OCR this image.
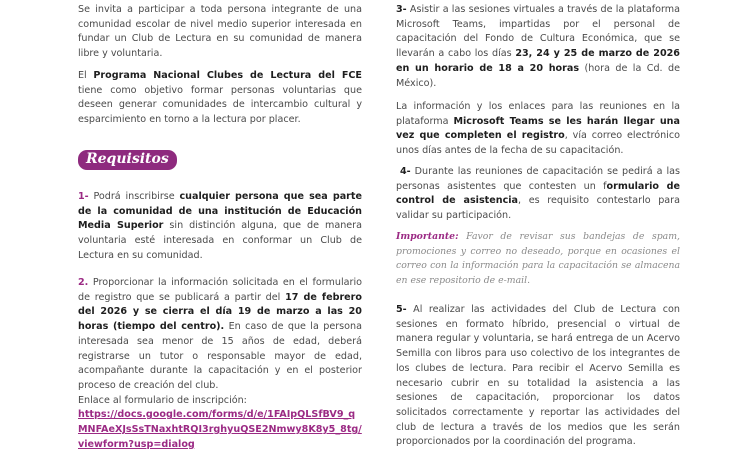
Se invita a participar a toda persona integrante de una comunidad escolar de nivel medio superior interesada en fundar un Club de Lectura en su comunidad de manera libre y voluntaria.

El Programa Nacional Clubes de Lectura del FCE tiene como objetivo formar personas voluntarias que deseen generar comunidades de intercambio cultural y esparcimiento en torno a la lectura por placer.

Requisitos

1- Podrá inscribirse cualquier persona que sea parte de la comunidad de una institución de Educación Media Superior sin distinción alguna, que de manera voluntaria esté interesada en conformar un Club de Lectura en su comunidad.

2. Proporcionar la información solicitada en el formulario de registro que se publicará a partir del 17 de febrero del 2026 y se cierra el día 19 de marzo a las 20 horas (tiempo del centro). En caso de que la persona interesada sea menor de 15 años de edad, deberá registrarse un tutor o responsable mayor de edad, acompañante durante la capacitación y en el posterior proceso de creación del club.
Enlace al formulario de inscripción:
https://docs.google.com/forms/d/e/1FAIpQLSfBV9_qMNFAeXJsSsTNaxhtRQI3rghyuQSE2Nmwy8K8y5_8tg/viewform?usp=dialog

3- Asistir a las sesiones virtuales a través de la plataforma Microsoft Teams, impartidas por el personal de capacitación del Fondo de Cultura Económica, que se llevarán a cabo los días 23, 24 y 25 de marzo de 2026 en un horario de 18 a 20 horas (hora de la Cd. de México).

La información y los enlaces para las reuniones en la plataforma Microsoft Teams se les harán llegar una vez que completen el registro, vía correo electrónico unos días antes de la fecha de su capacitación.

4- Durante las reuniones de capacitación se pedirá a las personas asistentes que contesten un formulario de control de asistencia, es requisito contestarlo para validar su participación.

Importante: Favor de revisar sus bandejas de spam, promociones y correo no deseado, porque en ocasiones el correo con la información para la capacitación se almacena en ese repositorio de e-mail.

5- Al realizar las actividades del Club de Lectura con sesiones en formato híbrido, presencial o virtual de manera regular y voluntaria, se hará entrega de un Acervo Semilla con libros para uso colectivo de los integrantes de los clubes de lectura. Para recibir el Acervo Semilla es necesario cubrir en su totalidad la asistencia a las sesiones de capacitación, proporcionar los datos solicitados correctamente y reportar las actividades del club de lectura a través de los medios que les serán proporcionados por la coordinación del programa.
